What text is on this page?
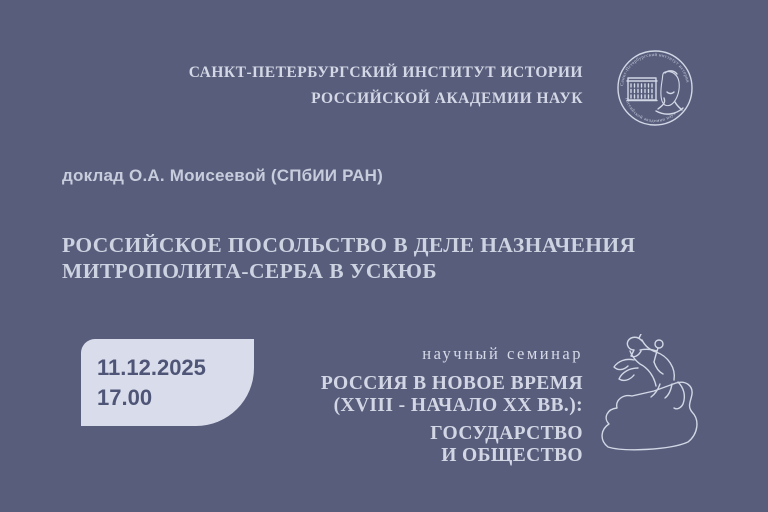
САНКТ-ПЕТЕРБУРГСКИЙ ИНСТИТУТ ИСТОРИИ
РОССИЙСКОЙ АКАДЕМИИ НАУК
Санкт-Петербургский институт истории
Российской академии наук
доклад О.А. Моисеевой (СПбИИ РАН)
РОССИЙСКОЕ ПОСОЛЬСТВО В ДЕЛЕ НАЗНАЧЕНИЯ
МИТРОПОЛИТА-СЕРБА В УСКЮБ
11.12.2025
17.00
научный семинар
РОССИЯ В НОВОЕ ВРЕМЯ
(XVIII - НАЧАЛО XX ВВ.):
ГОСУДАРСТВО
И ОБЩЕСТВО
